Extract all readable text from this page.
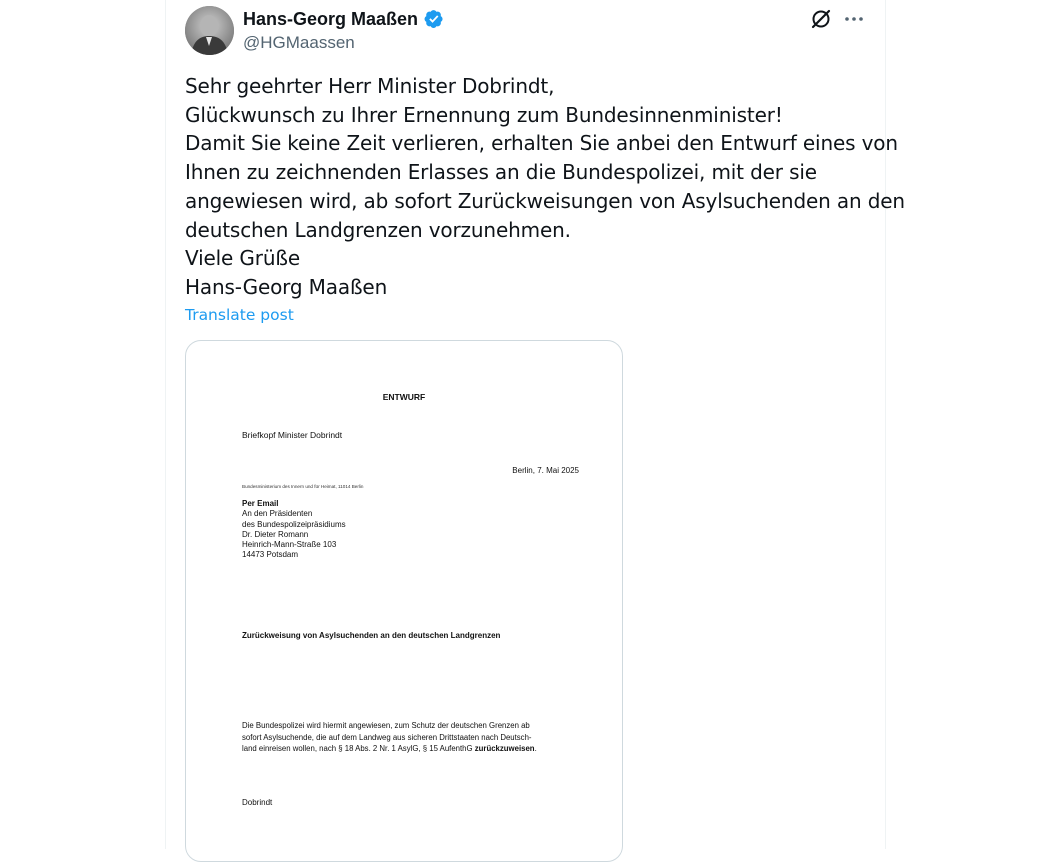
Hans-Georg Maaßen
@HGMaassen
Sehr geehrter Herr Minister Dobrindt,
Glückwunsch zu Ihrer Ernennung zum Bundesinnenminister!
Damit Sie keine Zeit verlieren, erhalten Sie anbei den Entwurf eines von
Ihnen zu zeichnenden Erlasses an die Bundespolizei, mit der sie
angewiesen wird, ab sofort Zurückweisungen von Asylsuchenden an den
deutschen Landgrenzen vorzunehmen.
Viele Grüße
Hans-Georg Maaßen
Translate post
ENTWURF
Briefkopf Minister Dobrindt
Berlin, 7. Mai 2025
Bundesministerium des Innern und für Heimat, 11014 Berlin
Per Email
An den Präsidenten
des Bundespolizeipräsidiums
Dr. Dieter Romann
Heinrich-Mann-Straße 103
14473 Potsdam
Zurückweisung von Asylsuchenden an den deutschen Landgrenzen
Die Bundespolizei wird hiermit angewiesen, zum Schutz der deutschen Grenzen ab
sofort Asylsuchende, die auf dem Landweg aus sicheren Drittstaaten nach Deutsch-
land einreisen wollen, nach § 18 Abs. 2 Nr. 1 AsylG, § 15 AufenthG zurückzuweisen.
Dobrindt
